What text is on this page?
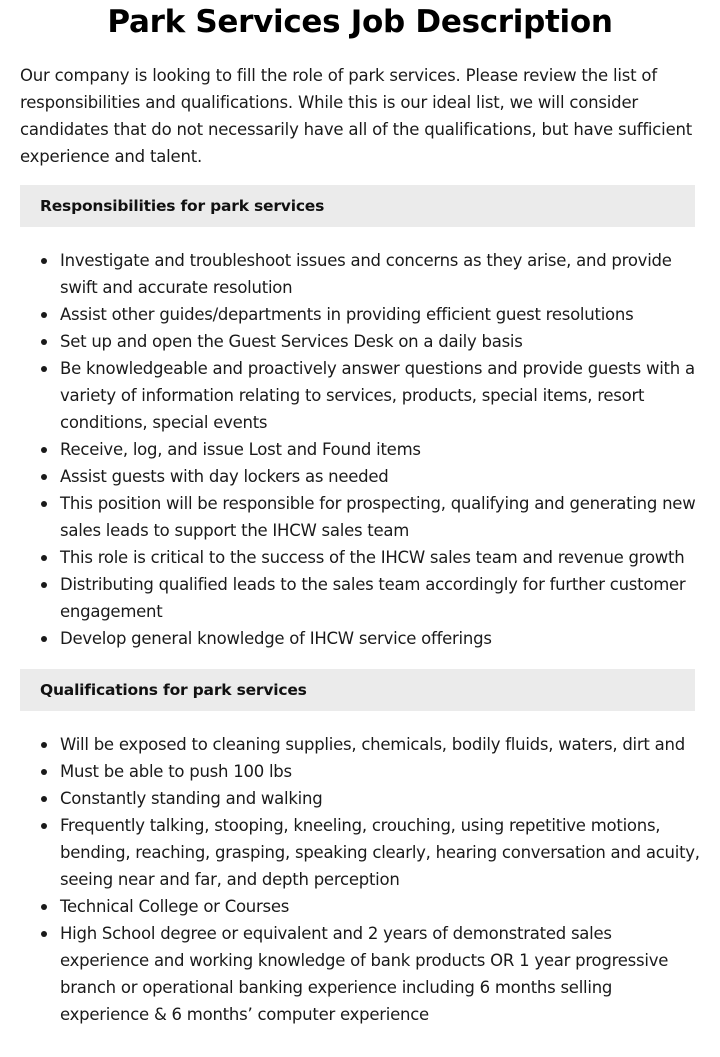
Park Services Job Description

Our company is looking to fill the role of park services. Please review the list of responsibilities and qualifications. While this is our ideal list, we will consider candidates that do not necessarily have all of the qualifications, but have sufficient experience and talent.

Responsibilities for park services
Investigate and troubleshoot issues and concerns as they arise, and provide swift and accurate resolution
Assist other guides/departments in providing efficient guest resolutions
Set up and open the Guest Services Desk on a daily basis
Be knowledgeable and proactively answer questions and provide guests with a variety of information relating to services, products, special items, resort conditions, special events
Receive, log, and issue Lost and Found items
Assist guests with day lockers as needed
This position will be responsible for prospecting, qualifying and generating new sales leads to support the IHCW sales team
This role is critical to the success of the IHCW sales team and revenue growth
Distributing qualified leads to the sales team accordingly for further customer engagement
Develop general knowledge of IHCW service offerings
Qualifications for park services
Will be exposed to cleaning supplies, chemicals, bodily fluids, waters, dirt and
Must be able to push 100 lbs
Constantly standing and walking
Frequently talking, stooping, kneeling, crouching, using repetitive motions, bending, reaching, grasping, speaking clearly, hearing conversation and acuity, seeing near and far, and depth perception
Technical College or Courses
High School degree or equivalent and 2 years of demonstrated sales experience and working knowledge of bank products OR 1 year progressive branch or operational banking experience including 6 months selling experience & 6 months’ computer experience
